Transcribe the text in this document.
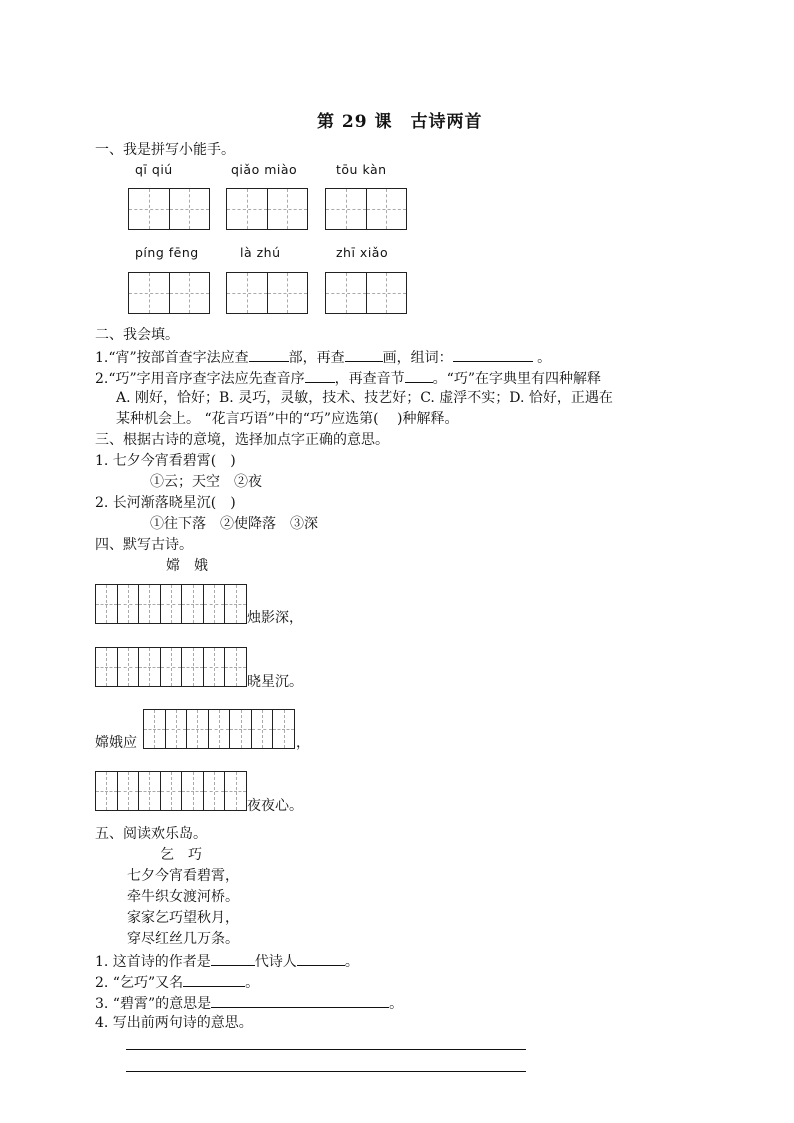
第 29 课　古诗两首
一、我是拼写小能手。
qī qiú	qiǎo miào	tōu kàn
píng fēng	là zhú	zhī xiǎo
二、我会填。
1.“宵”按部首查字法应查	部，再查	画，组词：	。
2.“巧”字用音序查字法应先查音序 ，再查音节 。“巧”在字典里有四种解释
A. 刚好，恰好；B. 灵巧，灵敏，技术、技艺好；C. 虚浮不实；D. 恰好，正遇在
某种机会上。 “花言巧语”中的“巧”应选第(　 )种解释。
三、根据古诗的意境，选择加点字正确的意思。
1. 七夕今宵看碧霄(　)
①云；天空　②夜
2. 长河渐落晓星沉(　)
①往下落　②使降落　③深
四、默写古诗。
嫦　娥
烛影深，
晓星沉。
嫦娥应	，
夜夜心。
五、阅读欢乐岛。
乞　巧
七夕今宵看碧霄，
牵牛织女渡河桥。
家家乞巧望秋月，
穿尽红丝几万条。
1. 这首诗的作者是	代诗人	。
2. “乞巧”又名	。
3. “碧霄”的意思是	。
4. 写出前两句诗的意思。
